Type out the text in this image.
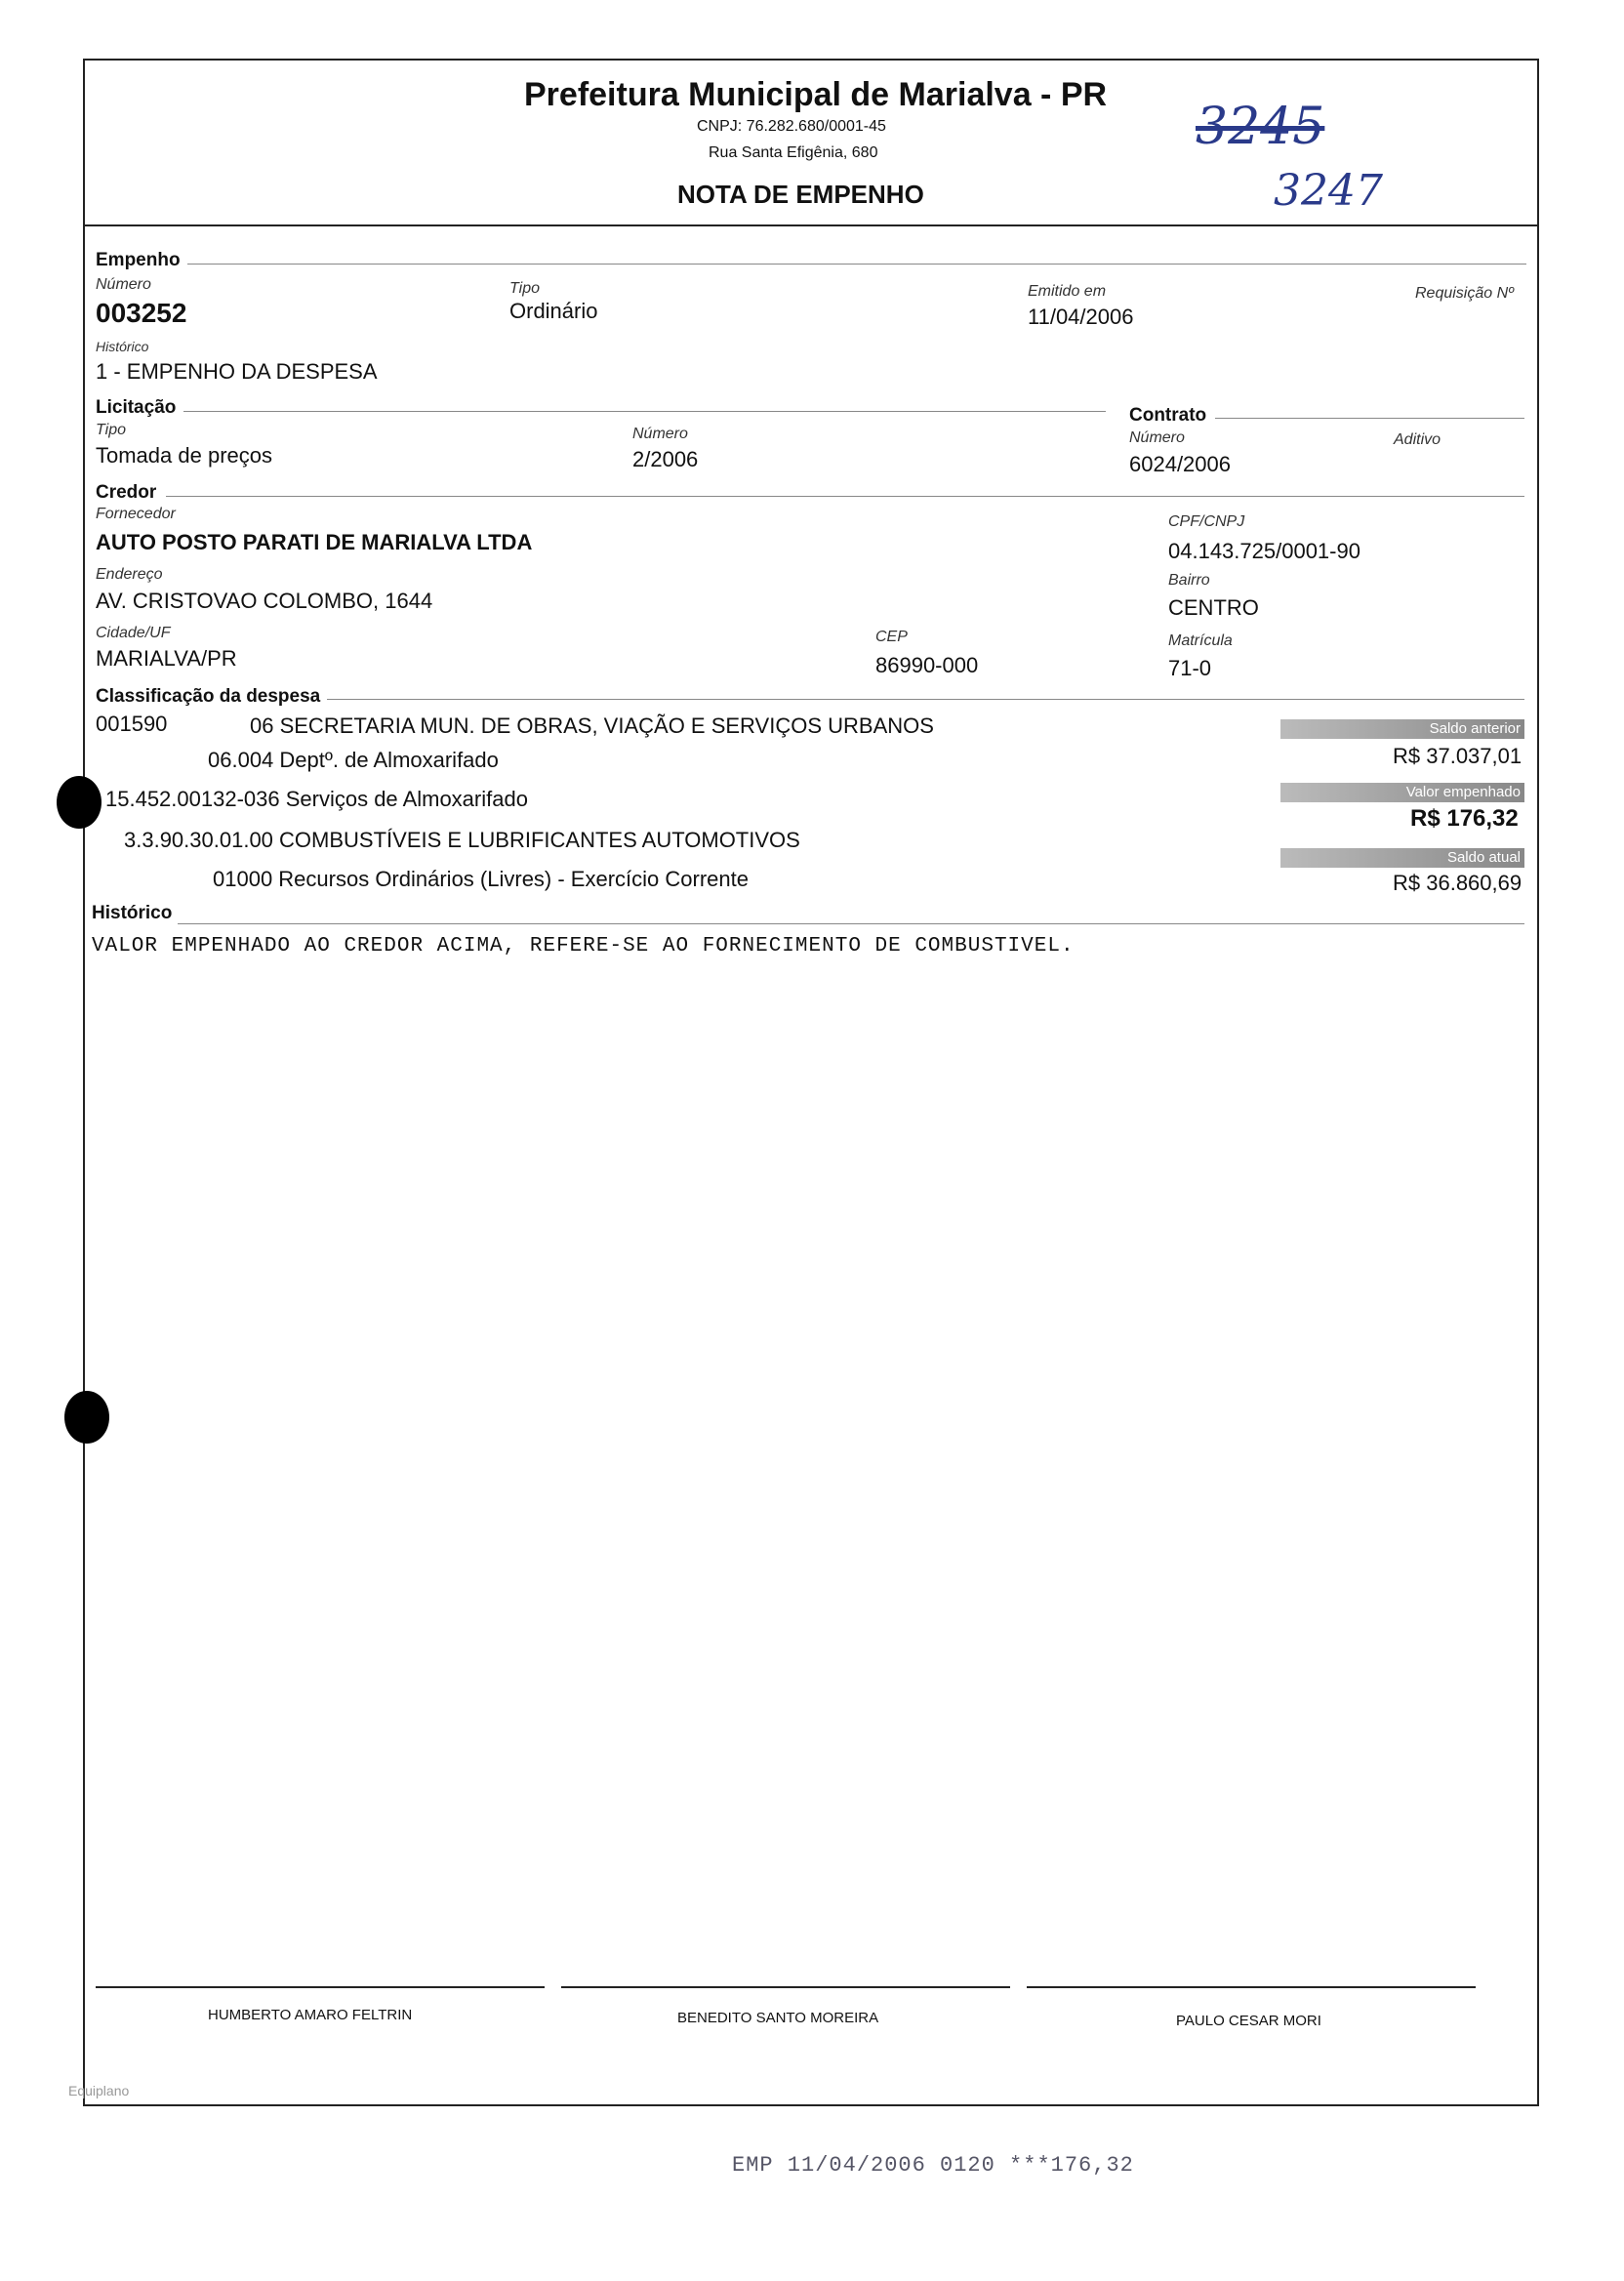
Prefeitura Municipal de Marialva - PR
CNPJ: 76.282.680/0001-45
Rua Santa Efigênia, 680
NOTA DE EMPENHO
3245
3247
Empenho
Número
003252
Tipo
Ordinário
Emitido em
11/04/2006
Requisição Nº
Histórico
1 - EMPENHO DA DESPESA
Licitação
Tipo
Tomada de preços
Número
2/2006
Contrato
Número
6024/2006
Aditivo
Credor
Fornecedor
AUTO POSTO PARATI DE MARIALVA LTDA
CPF/CNPJ
04.143.725/0001-90
Endereço
AV. CRISTOVAO COLOMBO, 1644
Bairro
CENTRO
Cidade/UF
MARIALVA/PR
CEP
86990-000
Matrícula
71-0
Classificação da despesa
001590	06 SECRETARIA MUN. DE OBRAS, VIAÇÃO E SERVIÇOS URBANOS
06.004 Deptº. de Almoxarifado
15.452.00132-036 Serviços de Almoxarifado
3.3.90.30.01.00 COMBUSTÍVEIS E LUBRIFICANTES AUTOMOTIVOS
01000 Recursos Ordinários (Livres) - Exercício Corrente
Saldo anterior
R$ 37.037,01
Valor empenhado
R$ 176,32
Saldo atual
R$ 36.860,69
Histórico
VALOR EMPENHADO AO CREDOR ACIMA, REFERE-SE AO FORNECIMENTO DE COMBUSTIVEL.
HUMBERTO AMARO FELTRIN	BENEDITO SANTO MOREIRA	PAULO CESAR MORI
Equiplano
EMP 11/04/2006 0120 ***176,32
